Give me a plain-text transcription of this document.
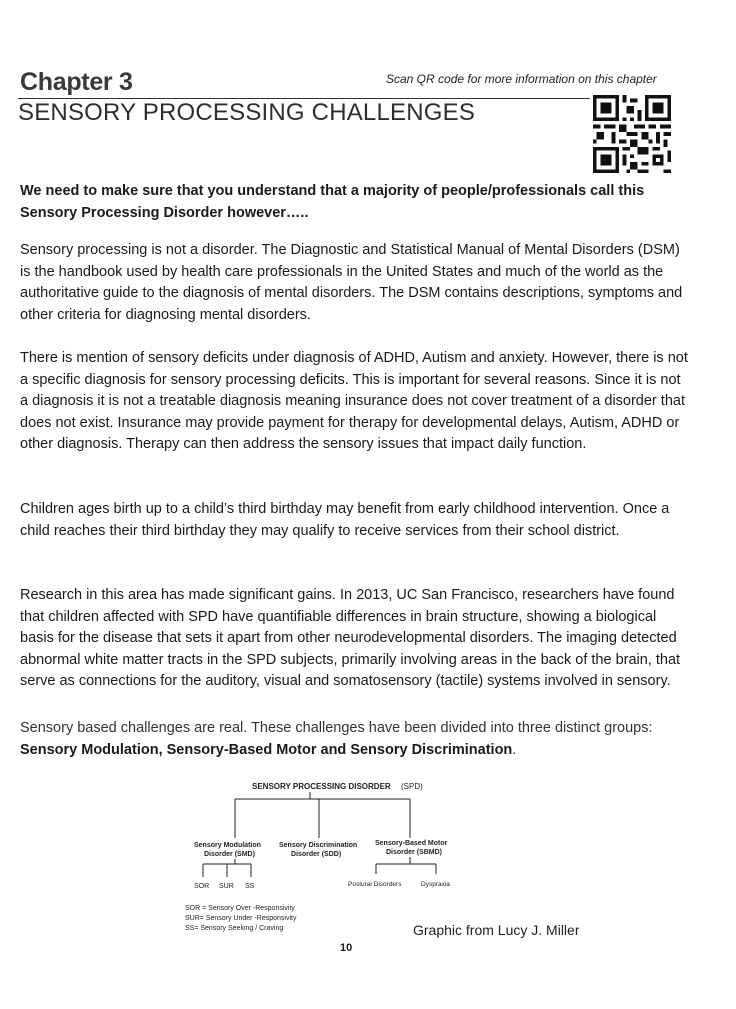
Chapter 3	Scan QR code for more information on this chapter
SENSORY PROCESSING CHALLENGES

We need to make sure that you understand that a majority of people/professionals call this Sensory Processing Disorder however…..

Sensory processing is not a disorder. The Diagnostic and Statistical Manual of Mental Disorders (DSM) is the handbook used by health care professionals in the United States and much of the world as the authoritative guide to the diagnosis of mental disorders. The DSM contains descriptions, symptoms and other criteria for diagnosing mental disorders.

There is mention of sensory deficits under diagnosis of ADHD, Autism and anxiety. However, there is not a specific diagnosis for sensory processing deficits. This is important for several reasons. Since it is not a diagnosis it is not a treatable diagnosis meaning insurance does not cover treatment of a disorder that does not exist. Insurance may provide payment for therapy for developmental delays, Autism, ADHD or other diagnosis. Therapy can then address the sensory issues that impact daily function.

Children ages birth up to a child’s third birthday may benefit from early childhood intervention. Once a child reaches their third birthday they may qualify to receive services from their school district.

Research in this area has made significant gains. In 2013, UC San Francisco, researchers have found that children affected with SPD have quantifiable differences in brain structure, showing a biological basis for the disease that sets it apart from other neurodevelopmental disorders. The imaging detected abnormal white matter tracts in the SPD subjects, primarily involving areas in the back of the brain, that serve as connections for the auditory, visual and somatosensory (tactile) systems involved in sensory.

Sensory based challenges are real. These challenges have been divided into three distinct groups: Sensory Modulation, Sensory-Based Motor and Sensory Discrimination.

SENSORY PROCESSING DISORDER (SPD)
Sensory Modulation
Disorder (SMD)
Sensory Discrimination
Disorder (SDD)
Sensory-Based Motor
Disorder (SBMD)
SOR SUR SS	Postural Disorders	Dyspraxia
SOR = Sensory Over -Responsivity
SUR= Sensory Under -Responsivity
SS= Sensory Seeking / Craving	Graphic from Lucy J. Miller
10
